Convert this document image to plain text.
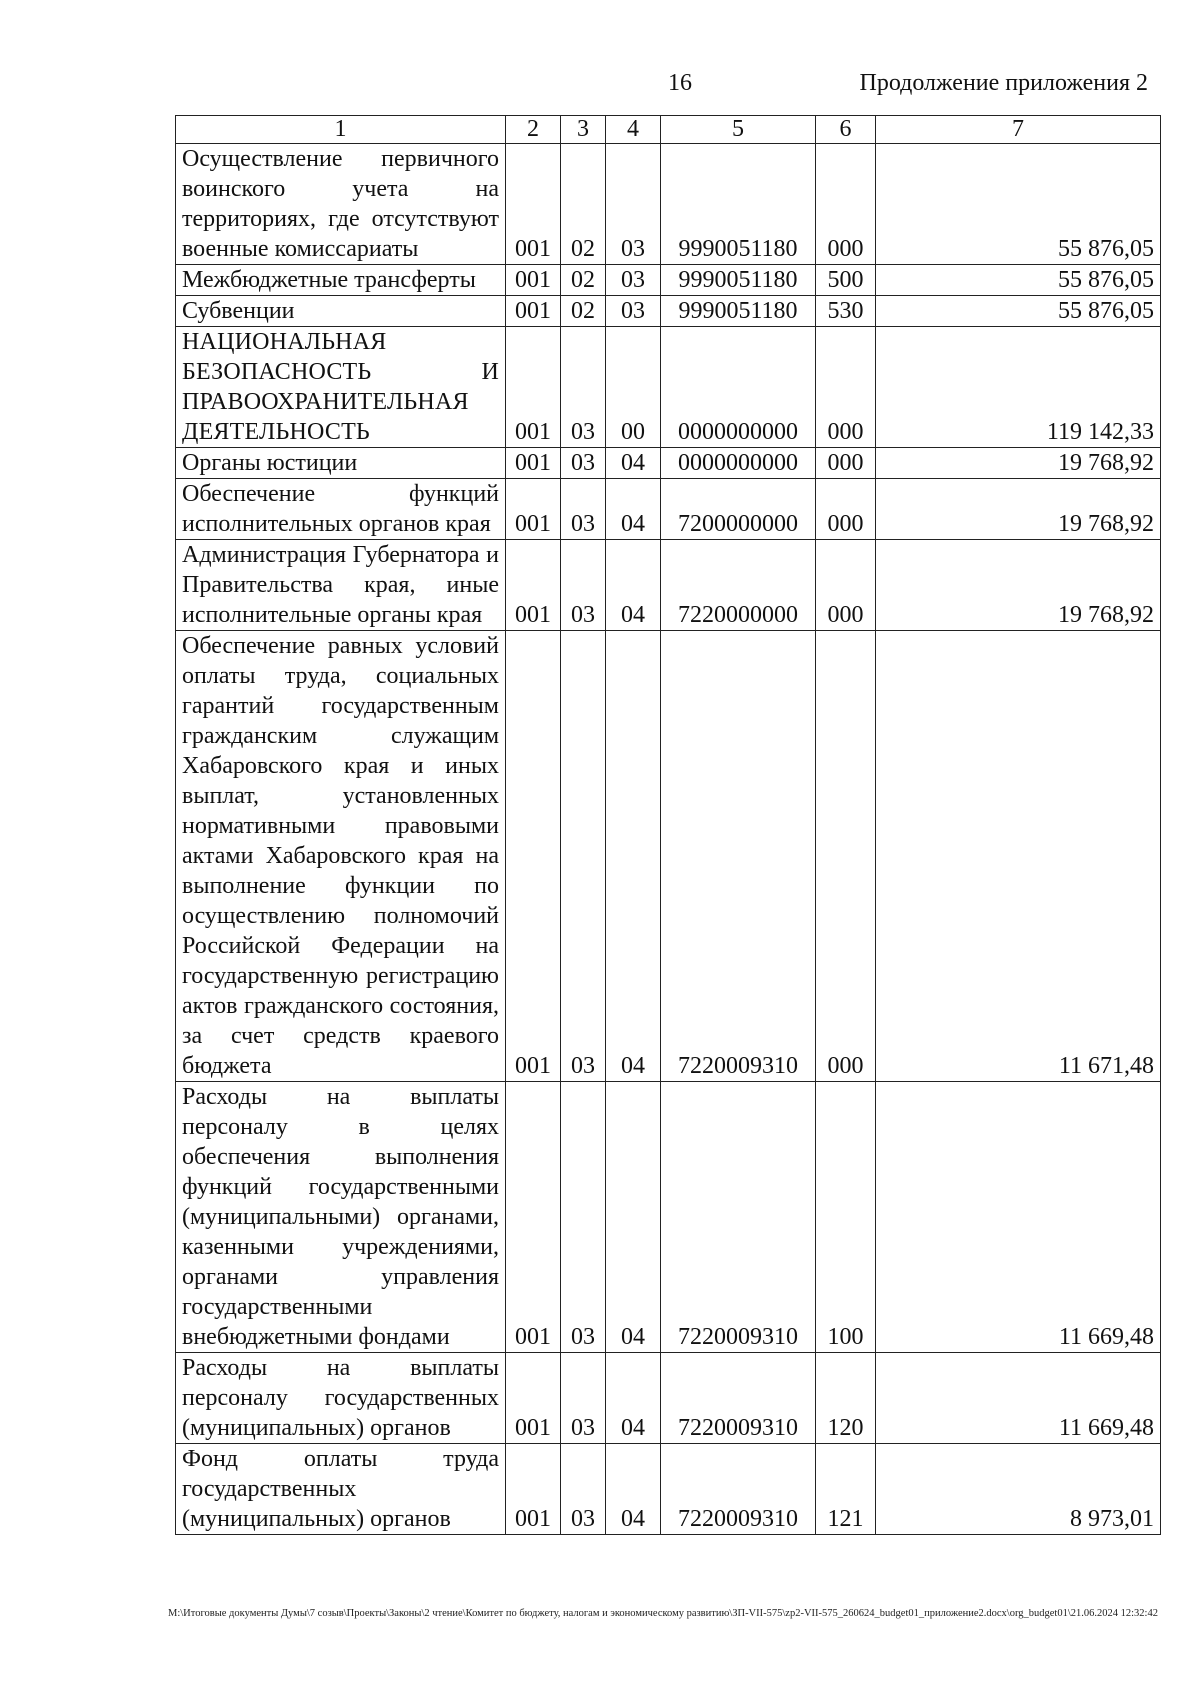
16	Продолжение приложения 2
1	2	3	4	5	6	7
Осуществление первичного воинского учета на территориях, где отсутствуют военные комиссариаты	001	02	03	9990051180	000	55 876,05
Межбюджетные трансферты	001	02	03	9990051180	500	55 876,05
Субвенции	001	02	03	9990051180	530	55 876,05
НАЦИОНАЛЬНАЯ БЕЗОПАСНОСТЬ И ПРАВООХРАНИТЕЛЬНАЯ ДЕЯТЕЛЬНОСТЬ	001	03	00	0000000000	000	119 142,33
Органы юстиции	001	03	04	0000000000	000	19 768,92
Обеспечение функций исполнительных органов края	001	03	04	7200000000	000	19 768,92
Администрация Губернатора и Правительства края, иные исполнительные органы края	001	03	04	7220000000	000	19 768,92
Обеспечение равных условий оплаты труда, социальных гарантий государственным гражданским служащим Хабаровского края и иных выплат, установленных нормативными правовыми актами Хабаровского края на выполнение функции по осуществлению полномочий Российской Федерации на государственную регистрацию актов гражданского состояния, за счет средств краевого бюджета	001	03	04	7220009310	000	11 671,48
Расходы на выплаты персоналу в целях обеспечения выполнения функций государственными (муниципальными) органами, казенными учреждениями, органами управления государственными внебюджетными фондами	001	03	04	7220009310	100	11 669,48
Расходы на выплаты персоналу государственных (муниципальных) органов	001	03	04	7220009310	120	11 669,48
Фонд оплаты труда государственных (муниципальных) органов	001	03	04	7220009310	121	8 973,01
M:\Итоговые документы Думы\7 созыв\Проекты\Законы\2 чтение\Комитет по бюджету, налогам и экономическому развитию\ЗП-VII-575\zp2-VII-575_260624_budget01_приложение2.docx\org_budget01\21.06.2024 12:32:42
